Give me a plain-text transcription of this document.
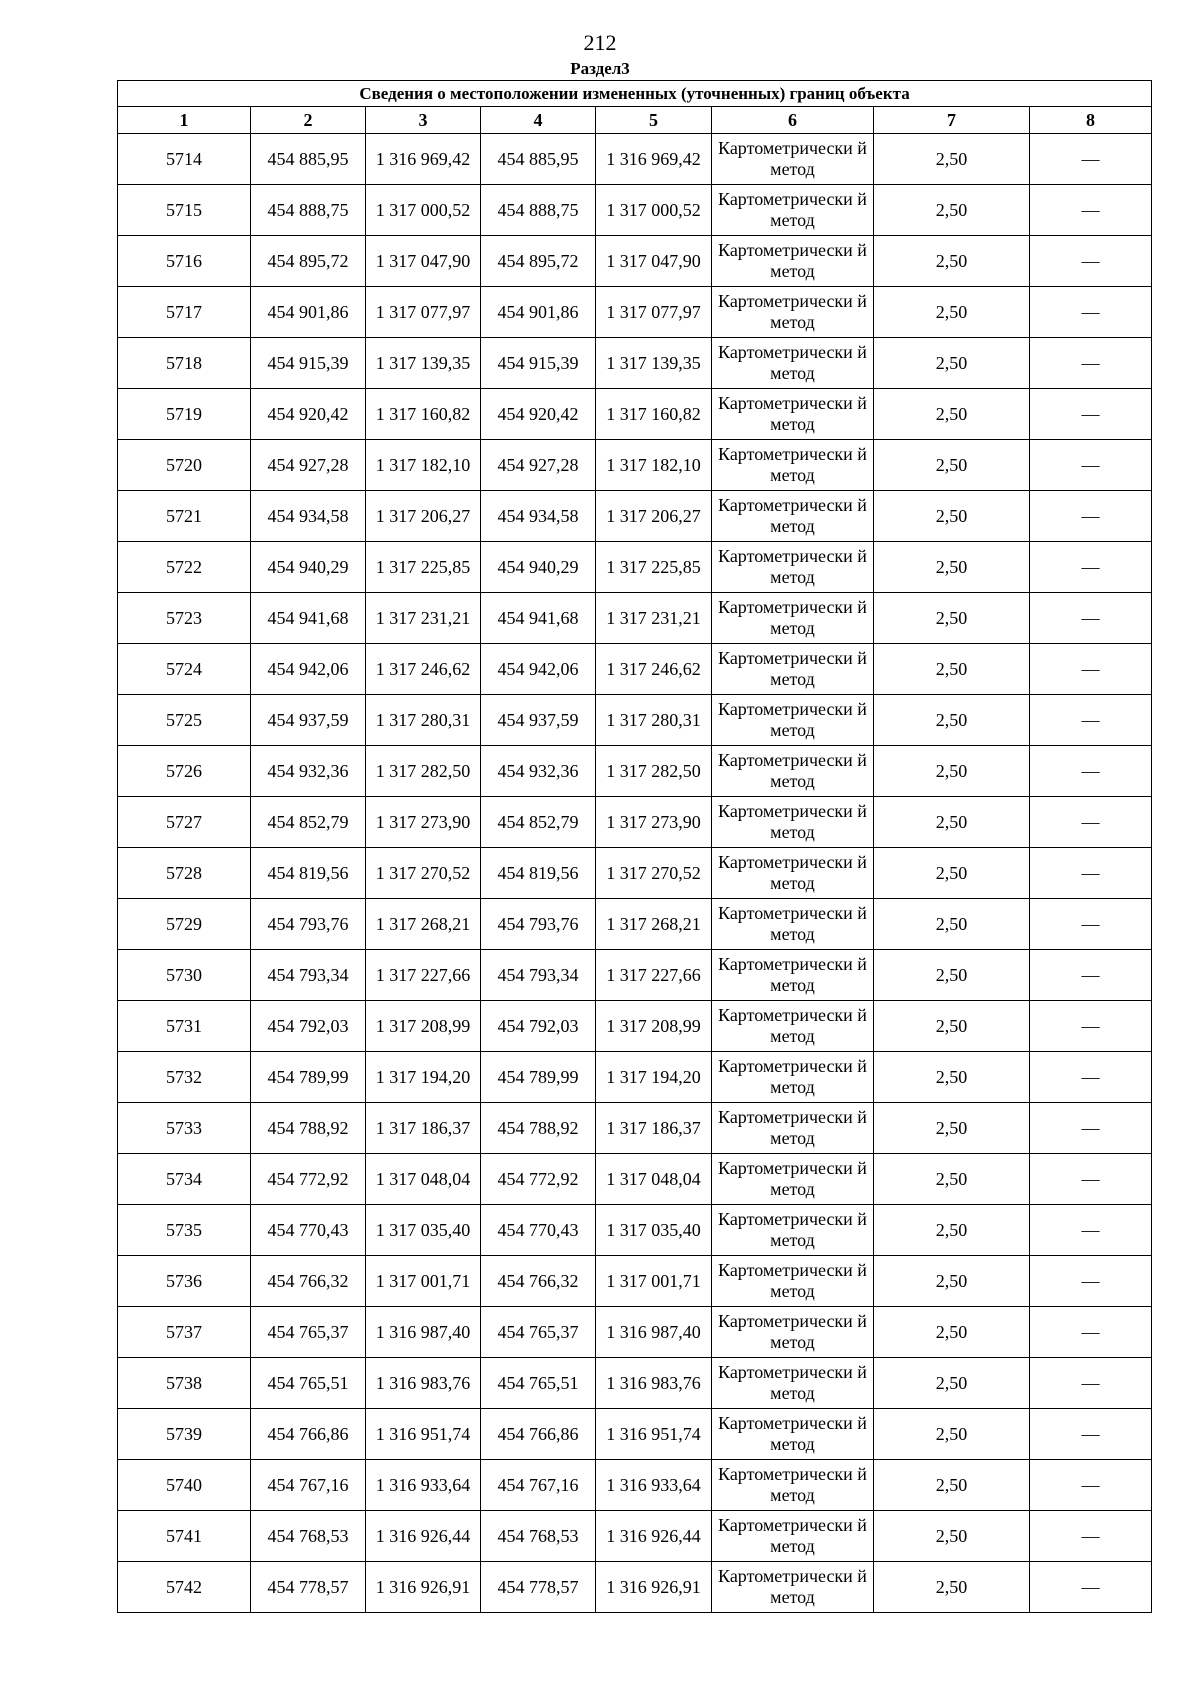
212
Раздел3
Сведения о местоположении измененных (уточненных) границ объекта							
1	2	3	4	5	6	7	8
5714	454 885,95	1 316 969,42	454 885,95	1 316 969,42	Картометрически й метод	2,50	—
5715	454 888,75	1 317 000,52	454 888,75	1 317 000,52	Картометрически й метод	2,50	—
5716	454 895,72	1 317 047,90	454 895,72	1 317 047,90	Картометрически й метод	2,50	—
5717	454 901,86	1 317 077,97	454 901,86	1 317 077,97	Картометрически й метод	2,50	—
5718	454 915,39	1 317 139,35	454 915,39	1 317 139,35	Картометрически й метод	2,50	—
5719	454 920,42	1 317 160,82	454 920,42	1 317 160,82	Картометрически й метод	2,50	—
5720	454 927,28	1 317 182,10	454 927,28	1 317 182,10	Картометрически й метод	2,50	—
5721	454 934,58	1 317 206,27	454 934,58	1 317 206,27	Картометрически й метод	2,50	—
5722	454 940,29	1 317 225,85	454 940,29	1 317 225,85	Картометрически й метод	2,50	—
5723	454 941,68	1 317 231,21	454 941,68	1 317 231,21	Картометрически й метод	2,50	—
5724	454 942,06	1 317 246,62	454 942,06	1 317 246,62	Картометрически й метод	2,50	—
5725	454 937,59	1 317 280,31	454 937,59	1 317 280,31	Картометрически й метод	2,50	—
5726	454 932,36	1 317 282,50	454 932,36	1 317 282,50	Картометрически й метод	2,50	—
5727	454 852,79	1 317 273,90	454 852,79	1 317 273,90	Картометрически й метод	2,50	—
5728	454 819,56	1 317 270,52	454 819,56	1 317 270,52	Картометрически й метод	2,50	—
5729	454 793,76	1 317 268,21	454 793,76	1 317 268,21	Картометрически й метод	2,50	—
5730	454 793,34	1 317 227,66	454 793,34	1 317 227,66	Картометрически й метод	2,50	—
5731	454 792,03	1 317 208,99	454 792,03	1 317 208,99	Картометрически й метод	2,50	—
5732	454 789,99	1 317 194,20	454 789,99	1 317 194,20	Картометрически й метод	2,50	—
5733	454 788,92	1 317 186,37	454 788,92	1 317 186,37	Картометрически й метод	2,50	—
5734	454 772,92	1 317 048,04	454 772,92	1 317 048,04	Картометрически й метод	2,50	—
5735	454 770,43	1 317 035,40	454 770,43	1 317 035,40	Картометрически й метод	2,50	—
5736	454 766,32	1 317 001,71	454 766,32	1 317 001,71	Картометрически й метод	2,50	—
5737	454 765,37	1 316 987,40	454 765,37	1 316 987,40	Картометрически й метод	2,50	—
5738	454 765,51	1 316 983,76	454 765,51	1 316 983,76	Картометрически й метод	2,50	—
5739	454 766,86	1 316 951,74	454 766,86	1 316 951,74	Картометрически й метод	2,50	—
5740	454 767,16	1 316 933,64	454 767,16	1 316 933,64	Картометрически й метод	2,50	—
5741	454 768,53	1 316 926,44	454 768,53	1 316 926,44	Картометрически й метод	2,50	—
5742	454 778,57	1 316 926,91	454 778,57	1 316 926,91	Картометрически й метод	2,50	—
